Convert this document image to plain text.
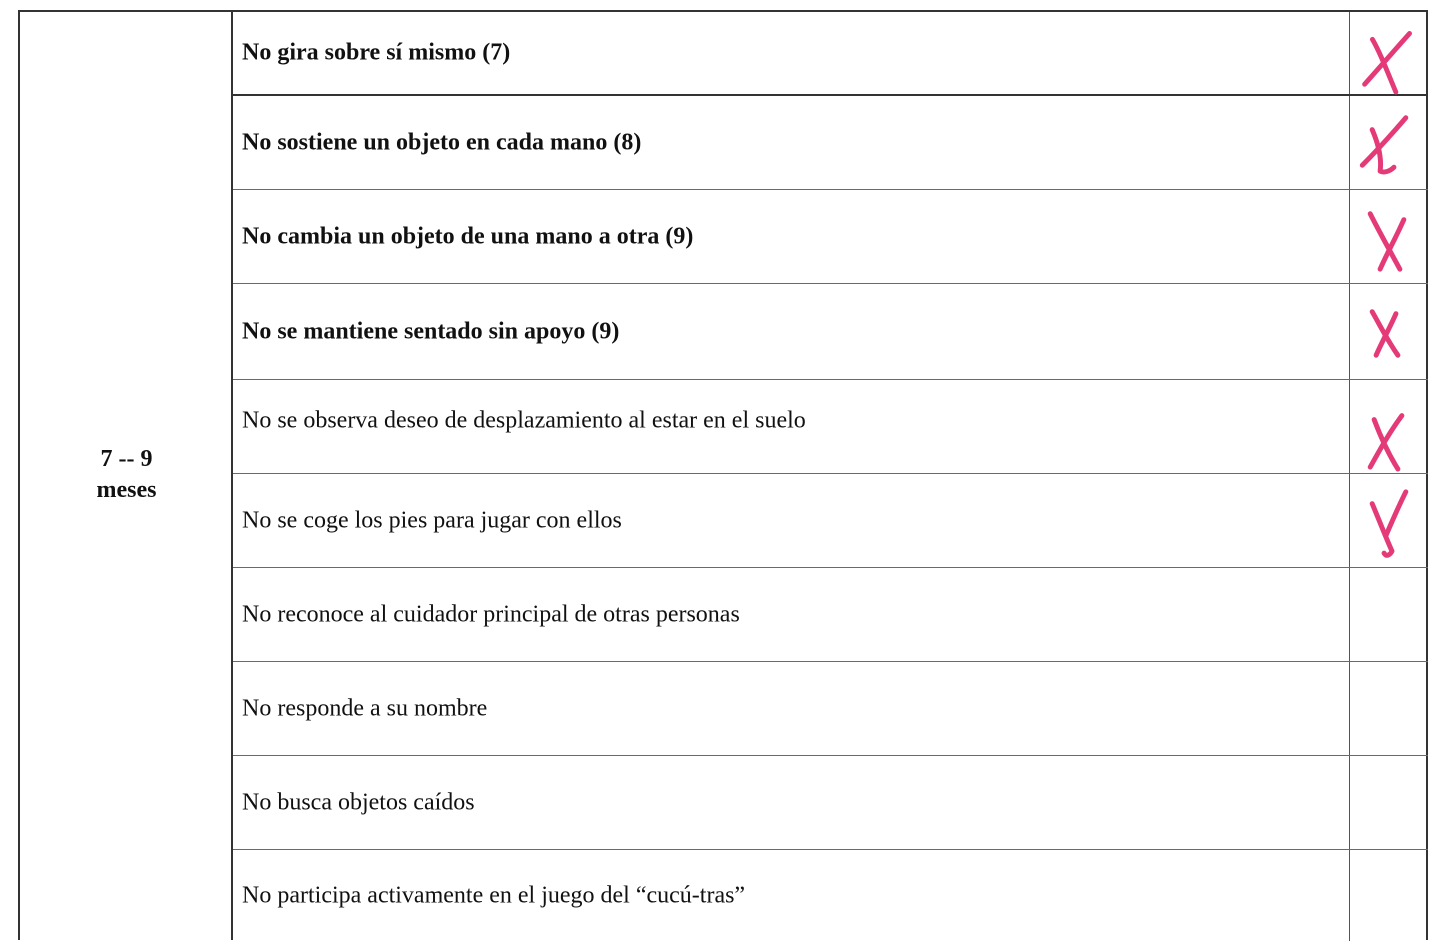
7 -- 9
meses
No gira sobre sí mismo (7)
No sostiene un objeto en cada mano (8)
No cambia un objeto de una mano a otra (9)
No se mantiene sentado sin apoyo (9)
No se observa deseo de desplazamiento al estar en el suelo
No se coge los pies para jugar con ellos
No reconoce al cuidador principal de otras personas
No responde a su nombre
No busca objetos caídos
No participa activamente en el juego del “cucú-tras”
